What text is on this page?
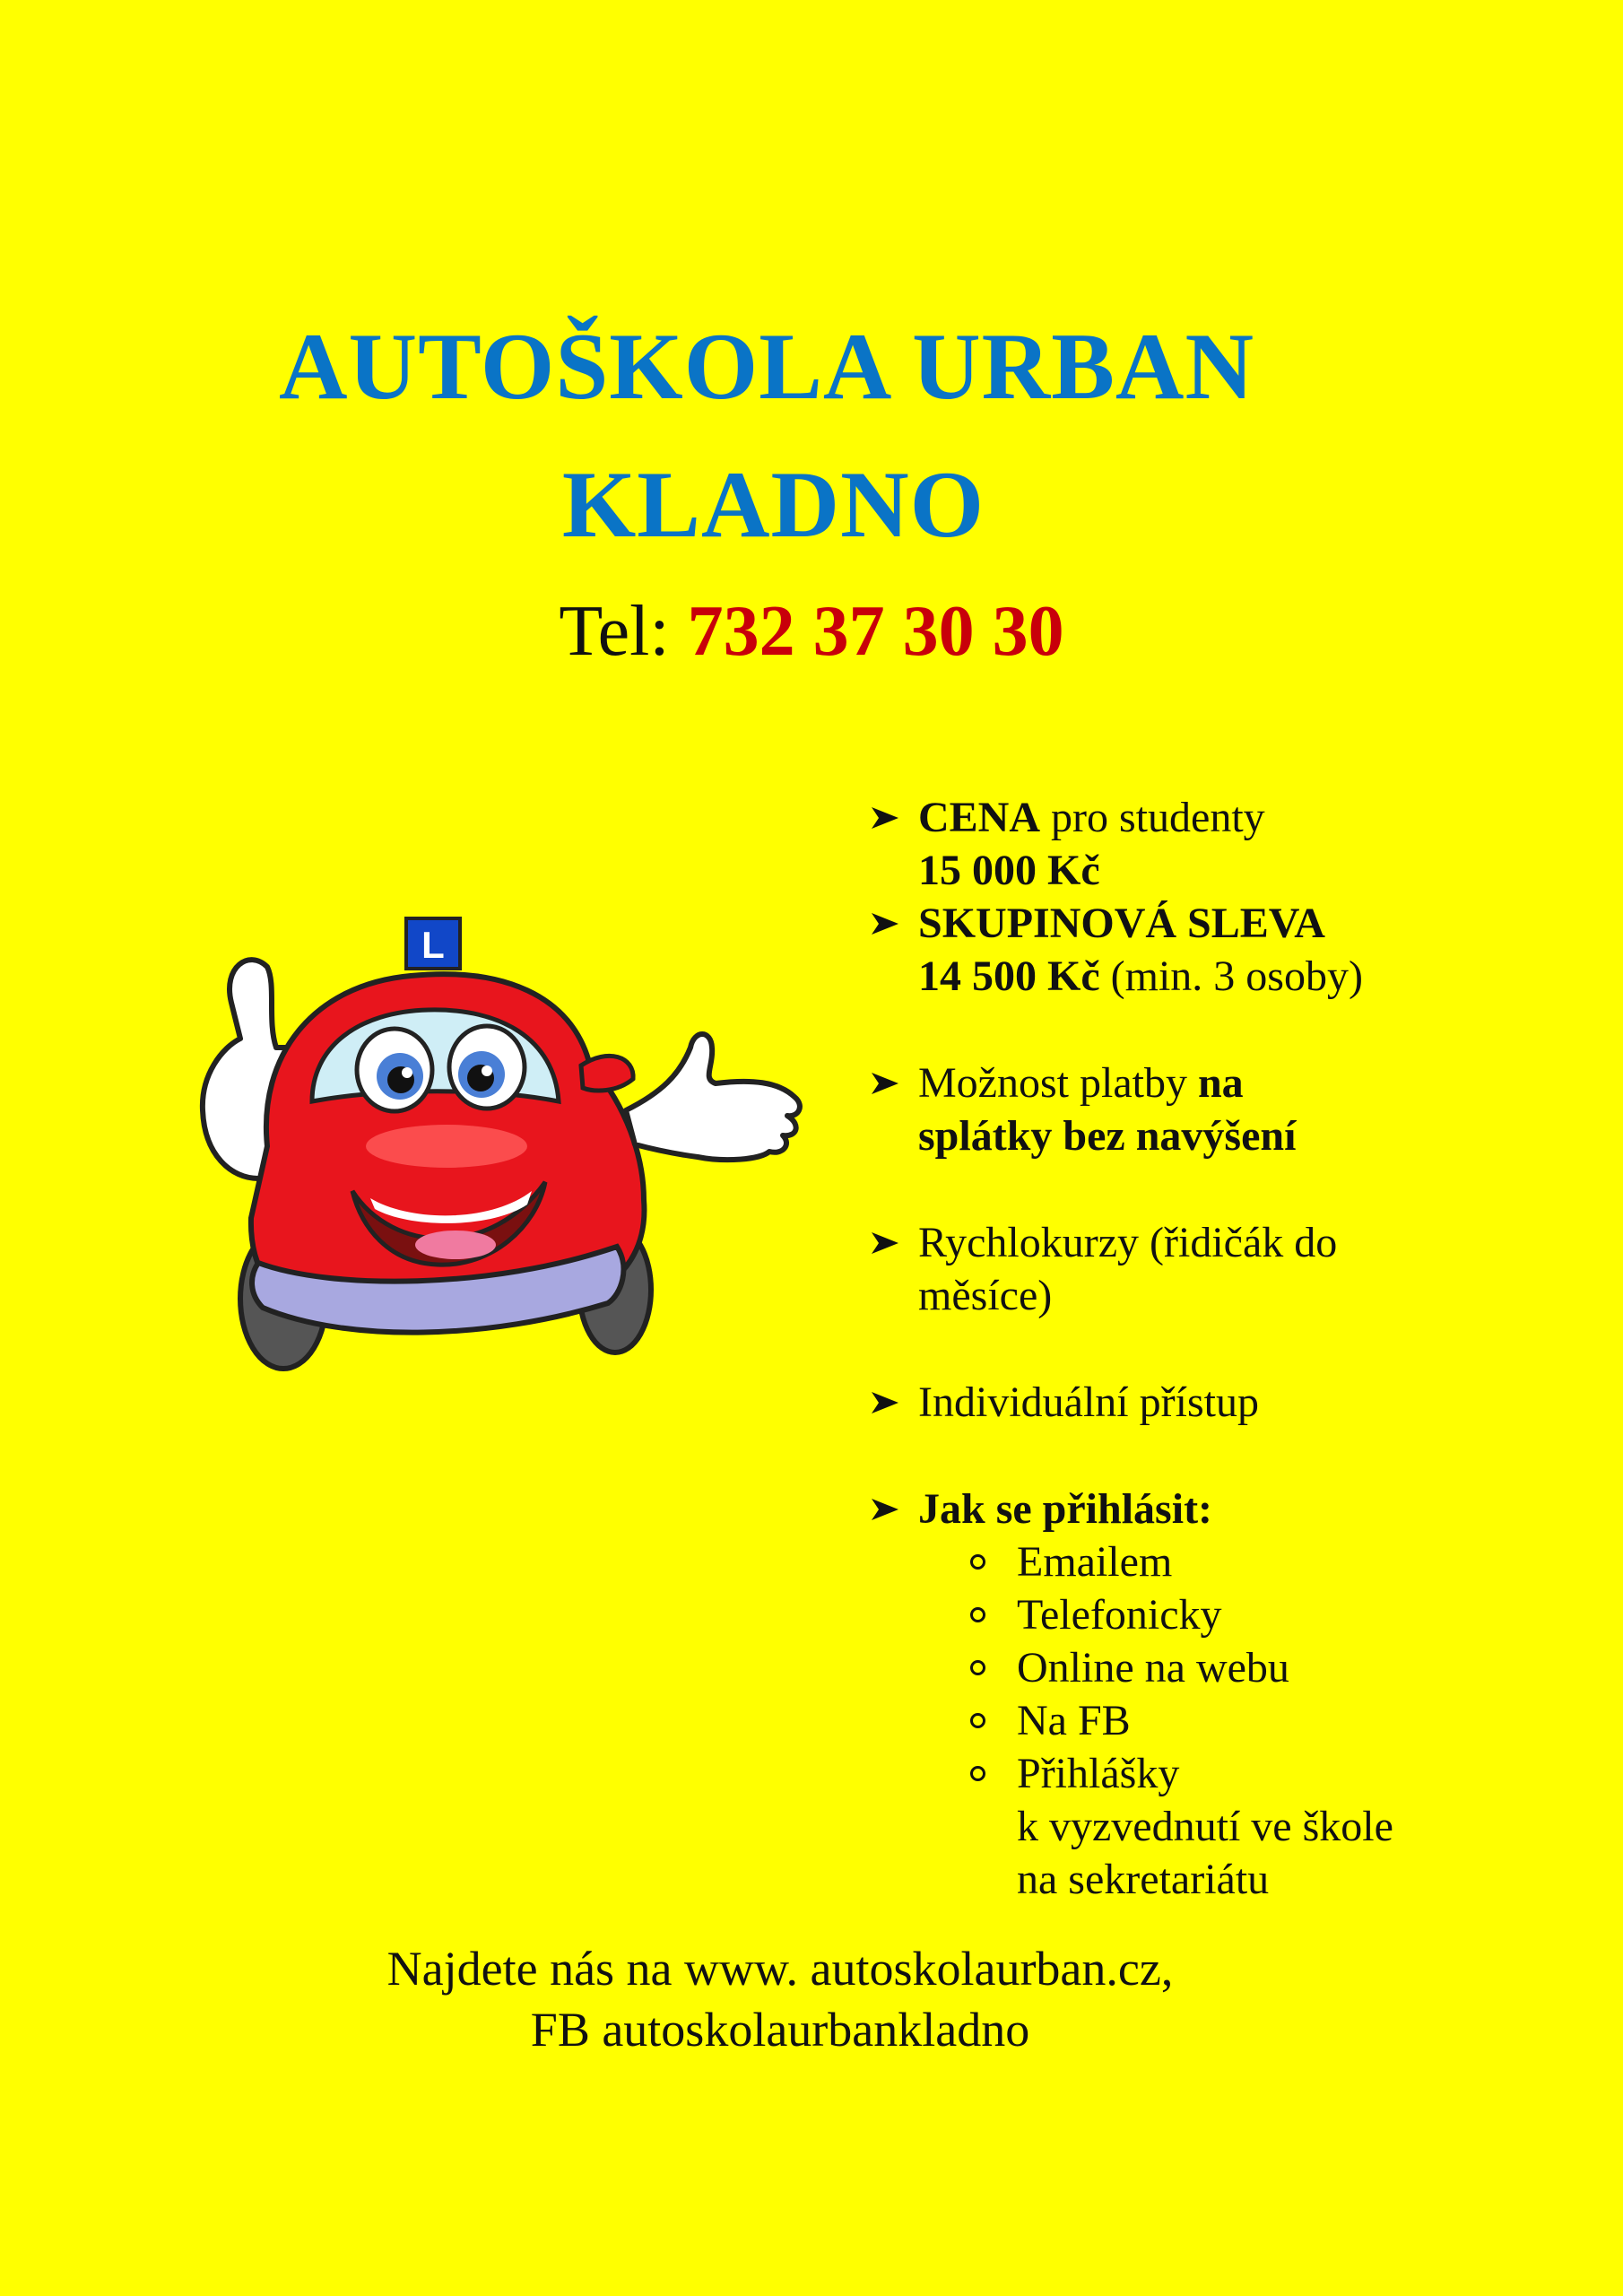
AUTOŠKOLA URBAN
KLADNO
Tel: 732 37 30 30
L
CENA pro studenty
15 000 Kč
SKUPINOVÁ SLEVA
14 500 Kč (min. 3 osoby)
Možnost platby na
splátky bez navýšení
Rychlokurzy (řidičák do
měsíce)
Individuální přístup
Jak se přihlásit:
Emailem
Telefonicky
Online na webu
Na FB
Přihlášky
k vyzvednutí ve škole
na sekretariátu
Najdete nás na www. autoskolaurban.cz,
FB autoskolaurbankladno
